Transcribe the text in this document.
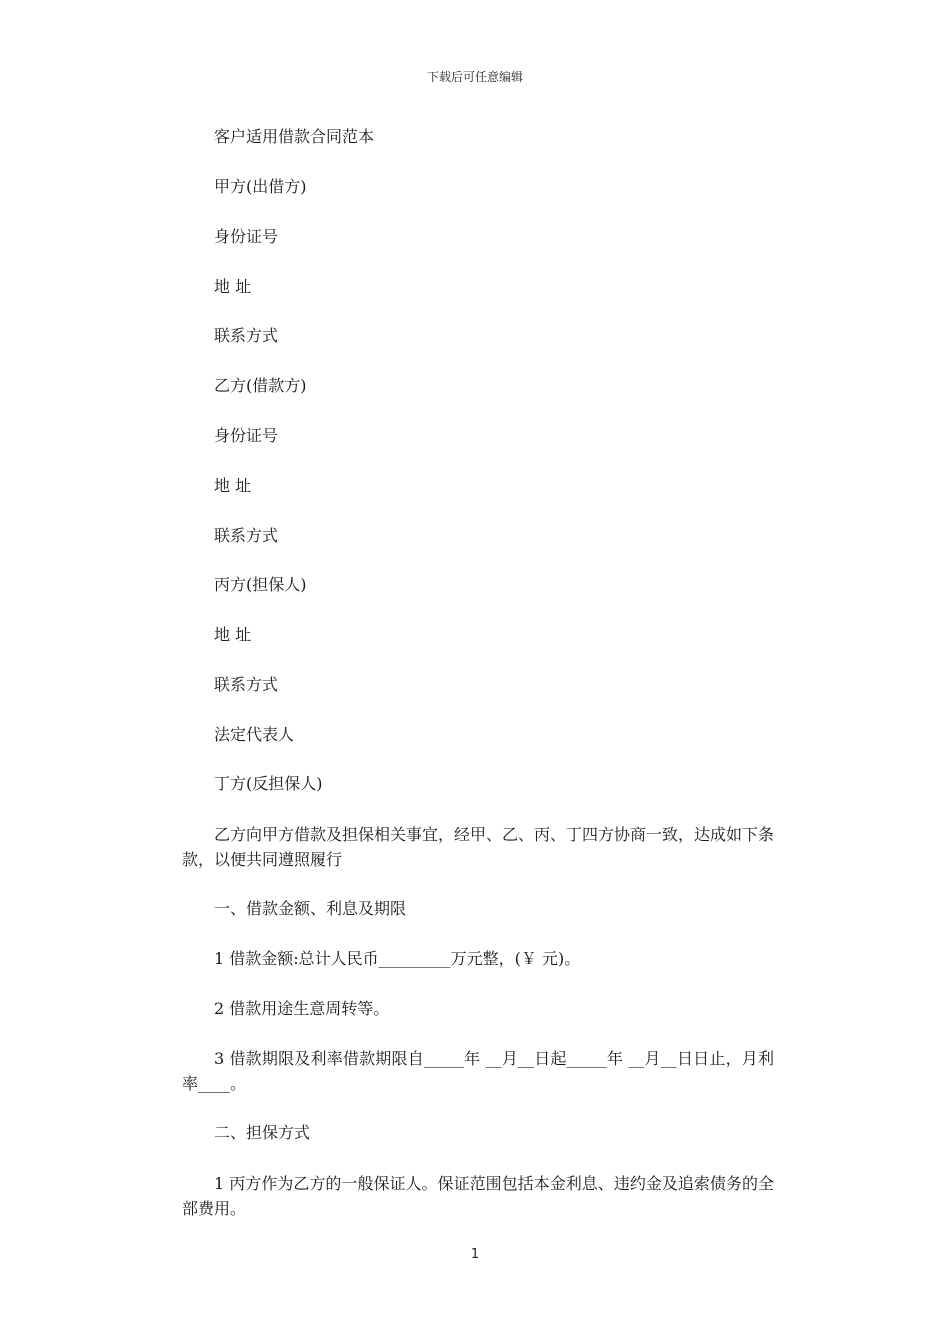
下载后可任意编辑
客户适用借款合同范本
甲方(出借方)
身份证号
地 址
联系方式
乙方(借款方)
身份证号
地 址
联系方式
丙方(担保人)
地 址
联系方式
法定代表人
丁方(反担保人)
乙方向甲方借款及担保相关事宜，经甲、乙、丙、丁四方协商一致，达成如下条款，以便共同遵照履行
一、借款金额、利息及期限
1 借款金额:总计人民币_________万元整，(￥ 元)。
2 借款用途生意周转等。
3 借款期限及利率借款期限自_____年 __月__日起_____年 __月__日日止，月利率____。
二、担保方式
1 丙方作为乙方的一般保证人。保证范围包括本金利息、违约金及追索债务的全部费用。
1
